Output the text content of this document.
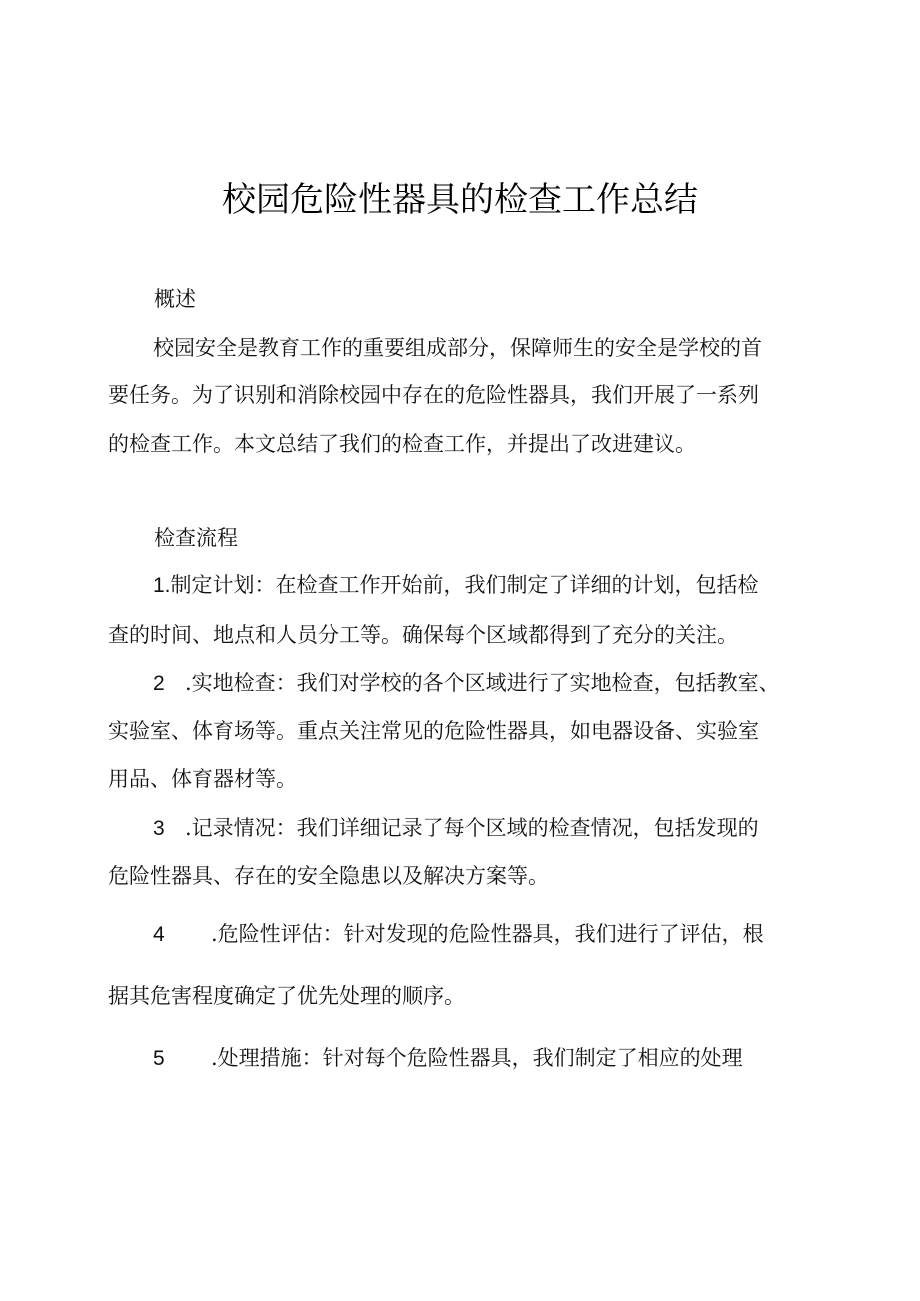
校园危险性器具的检查工作总结
概述
校园安全是教育工作的重要组成部分，保障师生的安全是学校的首
要任务。为了识别和消除校园中存在的危险性器具，我们开展了一系列
的检查工作。本文总结了我们的检查工作，并提出了改进建议。
检查流程
1.制定计划：在检查工作开始前，我们制定了详细的计划，包括检
查的时间、地点和人员分工等。确保每个区域都得到了充分的关注。
2 .实地检查：我们对学校的各个区域进行了实地检查，包括教室、
实验室、体育场等。重点关注常见的危险性器具，如电器设备、实验室
用品、体育器材等。
3 .记录情况：我们详细记录了每个区域的检查情况，包括发现的
危险性器具、存在的安全隐患以及解决方案等。
4 .危险性评估：针对发现的危险性器具，我们进行了评估，根
据其危害程度确定了优先处理的顺序。
5 .处理措施：针对每个危险性器具，我们制定了相应的处理
